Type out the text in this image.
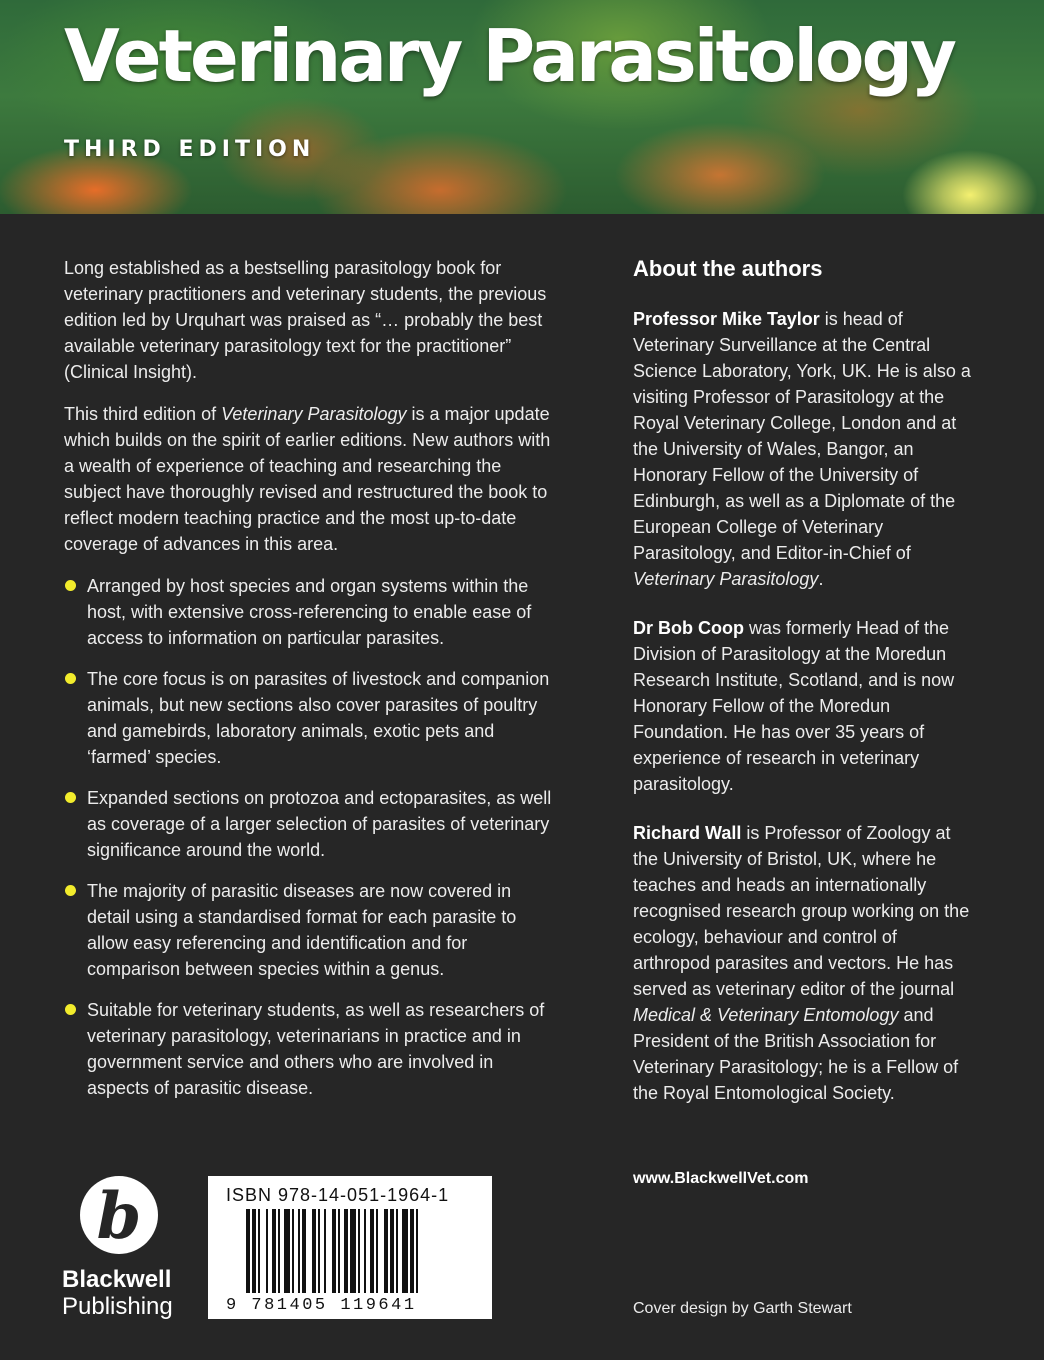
Veterinary Parasitology
THIRD EDITION

Long established as a bestselling parasitology book for veterinary practitioners and veterinary students, the previous edition led by Urquhart was praised as “… probably the best available veterinary parasitology text for the practitioner” (Clinical Insight).

This third edition of Veterinary Parasitology is a major update which builds on the spirit of earlier editions. New authors with a wealth of experience of teaching and researching the subject have thoroughly revised and restructured the book to reflect modern teaching practice and the most up-to-date coverage of advances in this area.

Arranged by host species and organ systems within the host, with extensive cross-referencing to enable ease of access to information on particular parasites.
The core focus is on parasites of livestock and companion animals, but new sections also cover parasites of poultry and gamebirds, laboratory animals, exotic pets and ‘farmed’ species.
Expanded sections on protozoa and ectoparasites, as well as coverage of a larger selection of parasites of veterinary significance around the world.
The majority of parasitic diseases are now covered in detail using a standardised format for each parasite to allow easy referencing and identification and for comparison between species within a genus.
Suitable for veterinary students, as well as researchers of veterinary parasitology, veterinarians in practice and in government service and others who are involved in aspects of parasitic disease.
About the authors

Professor Mike Taylor is head of Veterinary Surveillance at the Central Science Laboratory, York, UK. He is also a visiting Professor of Parasitology at the Royal Veterinary College, London and at the University of Wales, Bangor, an Honorary Fellow of the University of Edinburgh, as well as a Diplomate of the European College of Veterinary Parasitology, and Editor-in-Chief of Veterinary Parasitology.

Dr Bob Coop was formerly Head of the Division of Parasitology at the Moredun Research Institute, Scotland, and is now Honorary Fellow of the Moredun Foundation. He has over 35 years of experience of research in veterinary parasitology.

Richard Wall is Professor of Zoology at the University of Bristol, UK, where he teaches and heads an internationally recognised research group working on the ecology, behaviour and control of arthropod parasites and vectors. He has served as veterinary editor of the journal Medical & Veterinary Entomology and President of the British Association for Veterinary Parasitology; he is a Fellow of the Royal Entomological Society.

www.BlackwellVet.com
Cover design by Garth Stewart
b
Blackwell
Publishing
ISBN 978-14-051-1964-1
9 781405 119641
